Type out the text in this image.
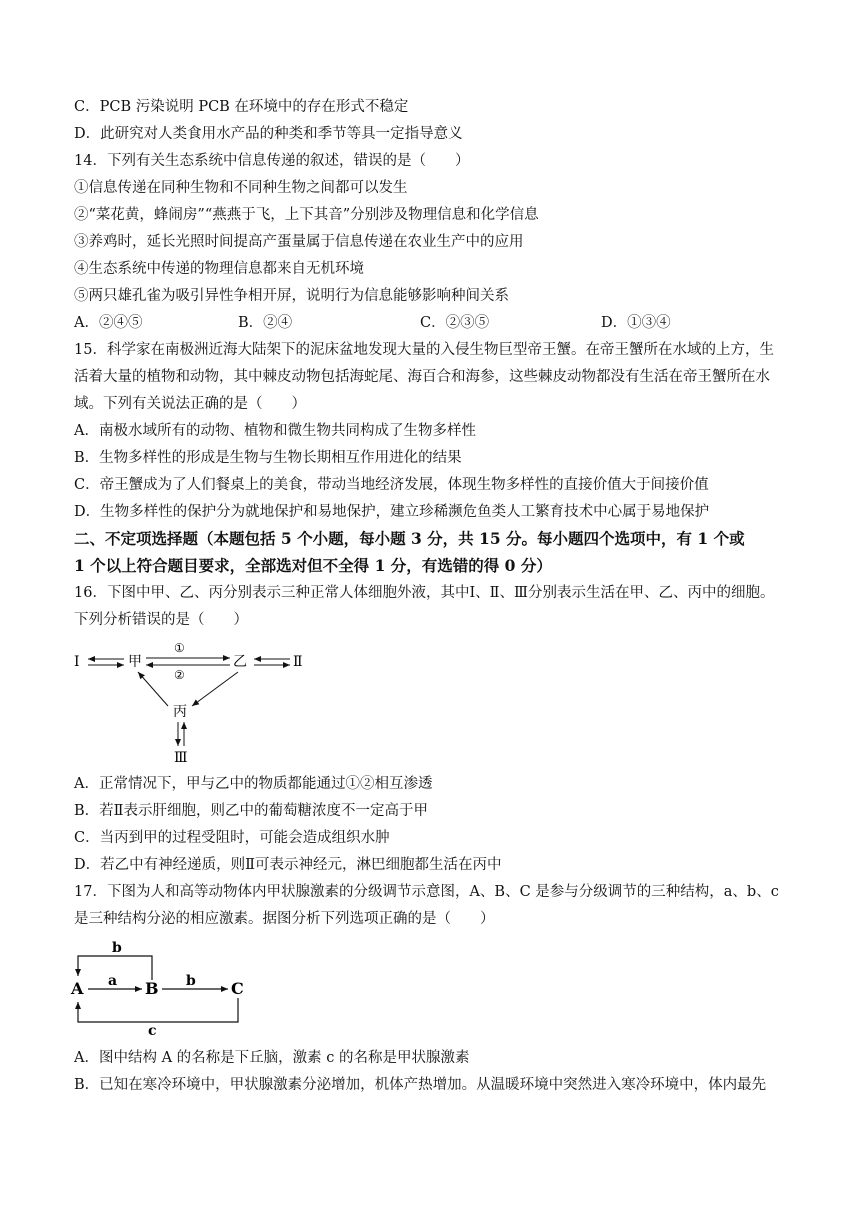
C．PCB 污染说明 PCB 在环境中的存在形式不稳定
D．此研究对人类食用水产品的种类和季节等具一定指导意义
14．下列有关生态系统中信息传递的叙述，错误的是（　　）
①信息传递在同种生物和不同种生物之间都可以发生
②“菜花黄，蜂闹房”“燕燕于飞，上下其音”分别涉及物理信息和化学信息
③养鸡时，延长光照时间提高产蛋量属于信息传递在农业生产中的应用
④生态系统中传递的物理信息都来自无机环境
⑤两只雄孔雀为吸引异性争相开屏，说明行为信息能够影响种间关系
A．②④⑤	B．②④	C．②③⑤	D．①③④
15．科学家在南极洲近海大陆架下的泥床盆地发现大量的入侵生物巨型帝王蟹。在帝王蟹所在水域的上方，生
活着大量的植物和动物，其中棘皮动物包括海蛇尾、海百合和海参，这些棘皮动物都没有生活在帝王蟹所在水
域。下列有关说法正确的是（　　）
A．南极水域所有的动物、植物和微生物共同构成了生物多样性
B．生物多样性的形成是生物与生物长期相互作用进化的结果
C．帝王蟹成为了人们餐桌上的美食，带动当地经济发展，体现生物多样性的直接价值大于间接价值
D．生物多样性的保护分为就地保护和易地保护，建立珍稀濒危鱼类人工繁育技术中心属于易地保护
二、不定项选择题（本题包括 5 个小题，每小题 3 分，共 15 分。每小题四个选项中，有 1 个或
1 个以上符合题目要求，全部选对但不全得 1 分，有选错的得 0 分）
16．下图中甲、乙、丙分别表示三种正常人体细胞外液，其中Ⅰ、Ⅱ、Ⅲ分别表示生活在甲、乙、丙中的细胞。
下列分析错误的是（　　）
Ⅰ	甲
①
②
乙	Ⅱ
丙
Ⅲ
A．正常情况下，甲与乙中的物质都能通过①②相互渗透
B．若Ⅱ表示肝细胞，则乙中的葡萄糖浓度不一定高于甲
C．当丙到甲的过程受阻时，可能会造成组织水肿
D．若乙中有神经递质，则Ⅱ可表示神经元，淋巴细胞都生活在丙中
17．下图为人和高等动物体内甲状腺激素的分级调节示意图，A、B、C 是参与分级调节的三种结构，a、b、c
是三种结构分泌的相应激素。据图分析下列选项正确的是（　　）
b
A a B b C
c
A．图中结构 A 的名称是下丘脑，激素 c 的名称是甲状腺激素
B．已知在寒冷环境中，甲状腺激素分泌增加，机体产热增加。从温暖环境中突然进入寒冷环境中，体内最先
